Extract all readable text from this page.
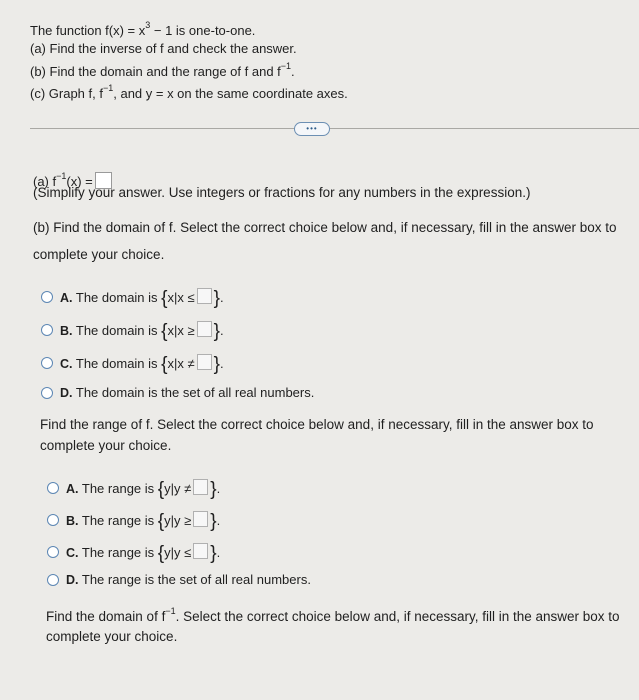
The function $f(x) = x^3 - 1$ is one-to-one.
(a) Find the inverse of f and check the answer.
(b) Find the domain and the range of f and $f^{-1}$.
(c) Graph f, $f^{-1}$, and y = x on the same coordinate axes.
•••
(a) $f^{-1}(x)$ =
(Simplify your answer. Use integers or fractions for any numbers in the expression.)
(b) Find the domain of f. Select the correct choice below and, if necessary, fill in the answer box to
complete your choice.
A. The domain is {x|x ≤ }.
B. The domain is {x|x ≥ }.
C. The domain is {x|x ≠ }.
D. The domain is the set of all real numbers.
Find the range of f. Select the correct choice below and, if necessary, fill in the answer box to
complete your choice.
A. The range is {y|y ≠ }.
B. The range is {y|y ≥ }.
C. The range is {y|y ≤ }.
D. The range is the set of all real numbers.
Find the domain of $f^{-1}$. Select the correct choice below and, if necessary, fill in the answer box to
complete your choice.
